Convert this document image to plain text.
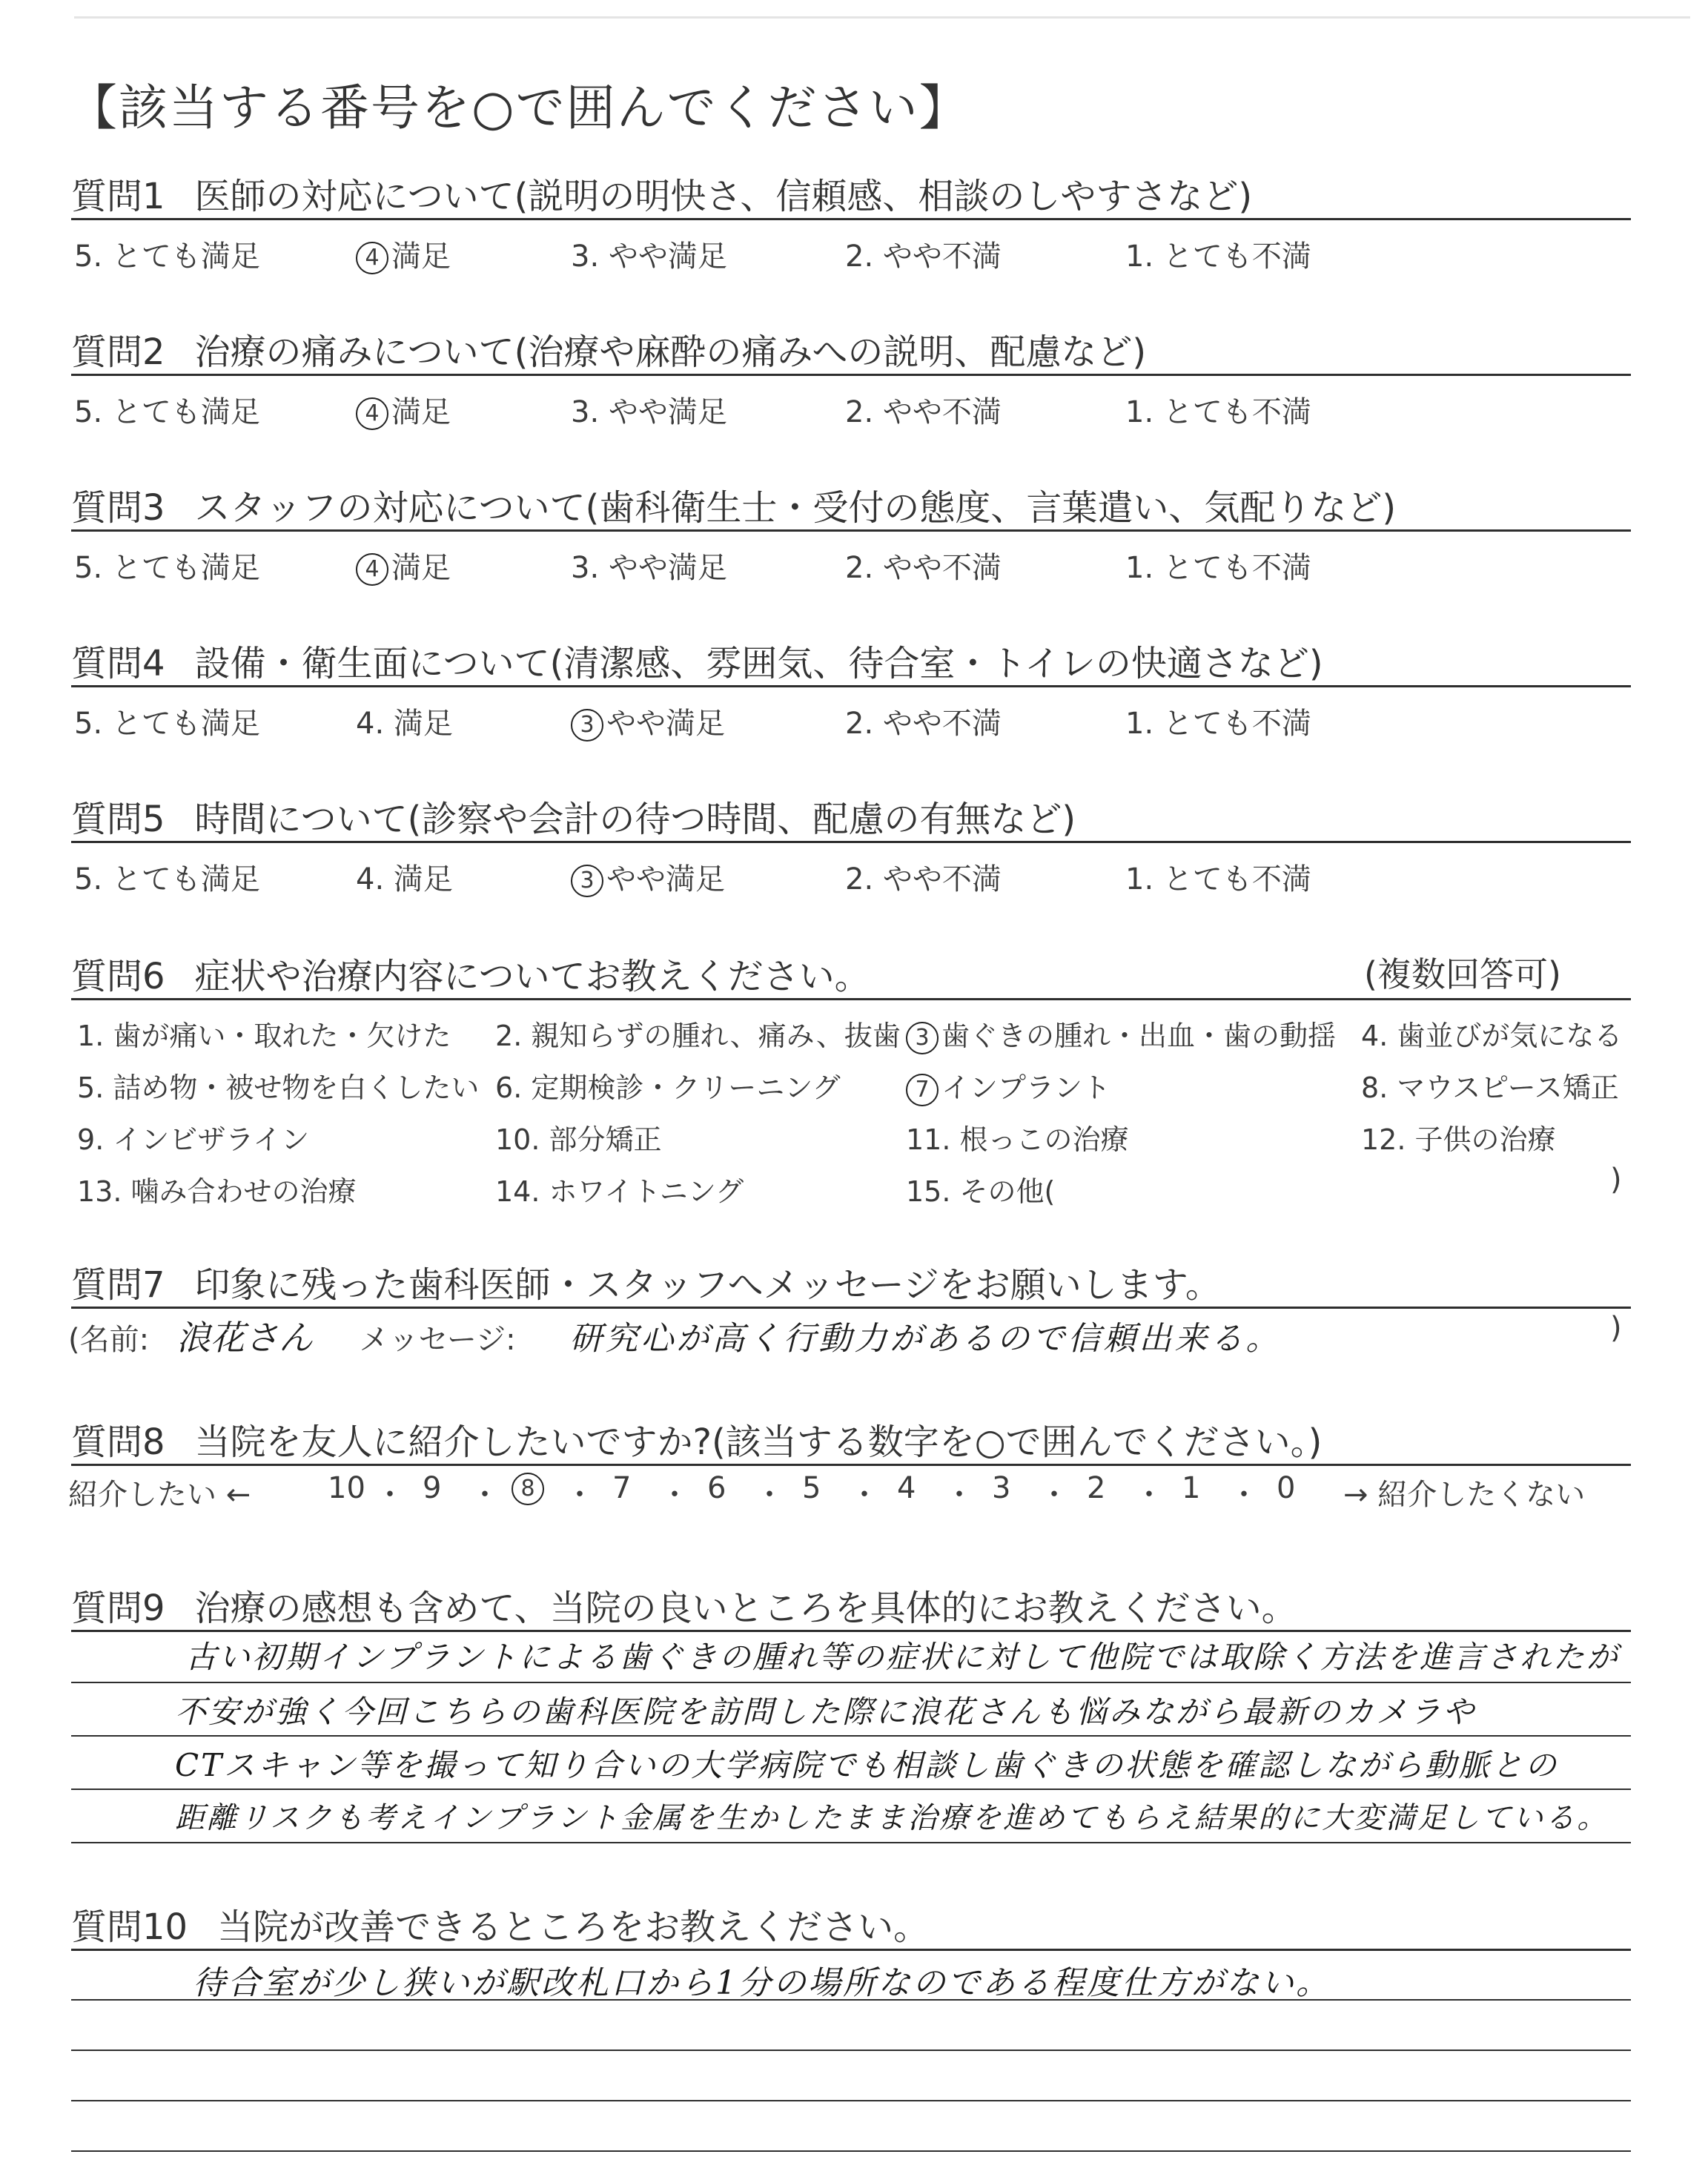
【該当する番号を○で囲んでください】
質問1 医師の対応について(説明の明快さ、信頼感、相談のしやすさなど)
5. とても満足	4 満足	3. やや満足	2. やや不満	1. とても不満
質問2 治療の痛みについて(治療や麻酔の痛みへの説明、配慮など)
5. とても満足	4 満足	3. やや満足	2. やや不満	1. とても不満
質問3 スタッフの対応について(歯科衛生士・受付の態度、言葉遣い、気配りなど)
5. とても満足	4 満足	3. やや満足	2. やや不満	1. とても不満
質問4 設備・衛生面について(清潔感、雰囲気、待合室・トイレの快適さなど)
5. とても満足	4. 満足	3 やや満足	2. やや不満	1. とても不満
質問5 時間について(診察や会計の待つ時間、配慮の有無など)
5. とても満足	4. 満足	3 やや満足	2. やや不満	1. とても不満
質問6 症状や治療内容についてお教えください。	(複数回答可)
1. 歯が痛い・取れた・欠けた 2. 親知らずの腫れ、痛み、抜歯 3 歯ぐきの腫れ・出血・歯の動揺 4. 歯並びが気になる
5. 詰め物・被せ物を白くしたい 6. 定期検診・クリーニング	7 インプラント	8. マウスピース矯正
9. インビザライン	10. 部分矯正	11. 根っこの治療	12. 子供の治療
13. 噛み合わせの治療	14. ホワイトニング	15. その他(	)
質問7 印象に残った歯科医師・スタッフへメッセージをお願いします。
(名前: 浪花さん メッセージ: 研究心が高く行動力があるので信頼出来る。	)
質問8 当院を友人に紹介したいですか?(該当する数字を○で囲んでください。)
紹介したい ←	→ 紹介したくない
10 ・ 9 ・ 8	・ 7 ・ 6 ・ 5 ・ 4 ・ 3 ・ 2 ・ 1 ・ 0
質問9 治療の感想も含めて、当院の良いところを具体的にお教えください。
古い初期インプラントによる歯ぐきの腫れ等の症状に対して他院では取除く方法を進言されたが
不安が強く今回こちらの歯科医院を訪問した際に浪花さんも悩みながら最新のカメラや
CTスキャン等を撮って知り合いの大学病院でも相談し歯ぐきの状態を確認しながら動脈との
距離リスクも考えインプラント金属を生かしたまま治療を進めてもらえ結果的に大変満足している。
質問10 当院が改善できるところをお教えください。
待合室が少し狭いが駅改札口から1分の場所なのである程度仕方がない。
